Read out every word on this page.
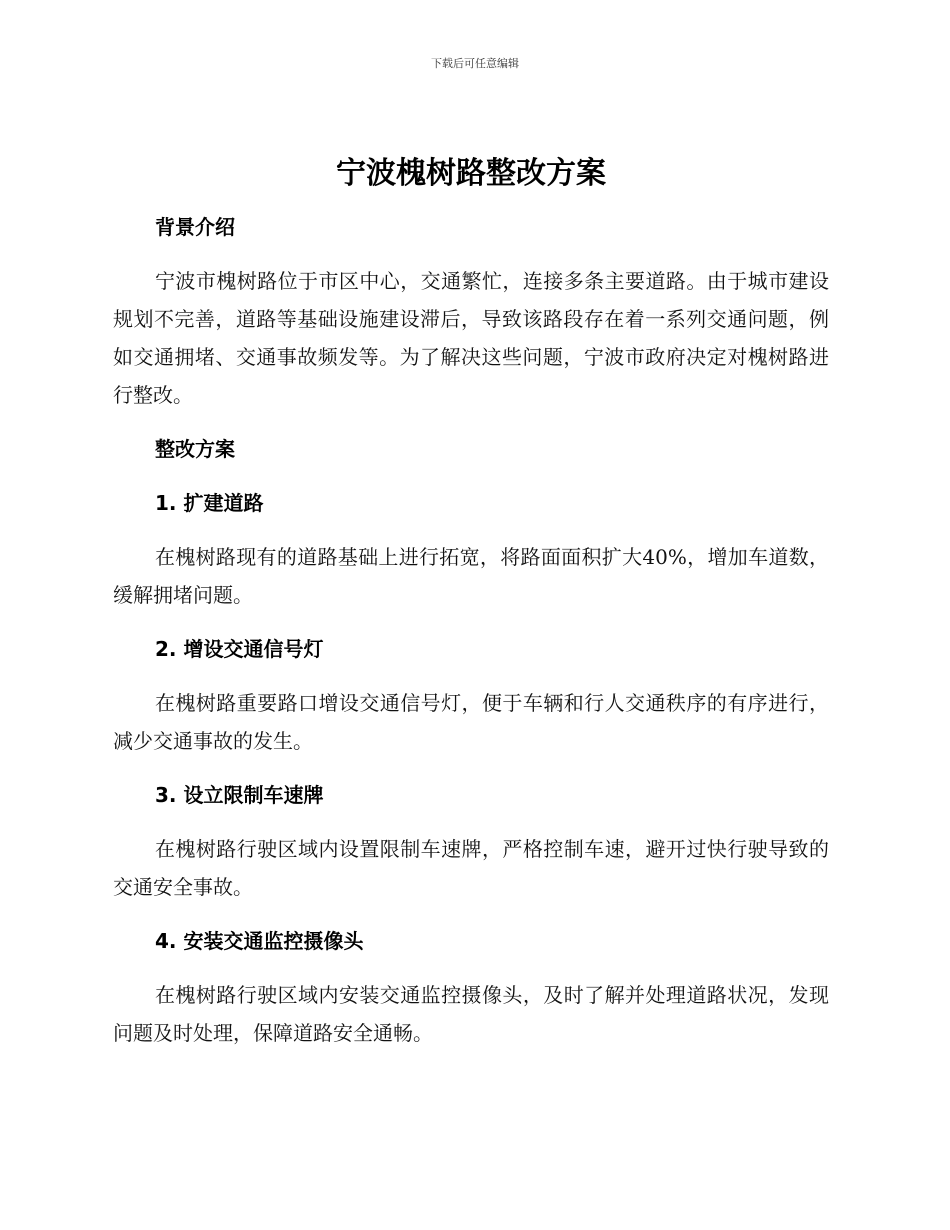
下载后可任意编辑
宁波槐树路整改方案
背景介绍

宁波市槐树路位于市区中心，交通繁忙，连接多条主要道路。由于城市建设规划不完善，道路等基础设施建设滞后，导致该路段存在着一系列交通问题，例如交通拥堵、交通事故频发等。为了解决这些问题，宁波市政府决定对槐树路进行整改。

整改方案
1. 扩建道路

在槐树路现有的道路基础上进行拓宽，将路面面积扩大40%，增加车道数，缓解拥堵问题。

2. 增设交通信号灯

在槐树路重要路口增设交通信号灯，便于车辆和行人交通秩序的有序进行，减少交通事故的发生。

3. 设立限制车速牌

在槐树路行驶区域内设置限制车速牌，严格控制车速，避开过快行驶导致的交通安全事故。

4. 安装交通监控摄像头

在槐树路行驶区域内安装交通监控摄像头，及时了解并处理道路状况，发现问题及时处理，保障道路安全通畅。
